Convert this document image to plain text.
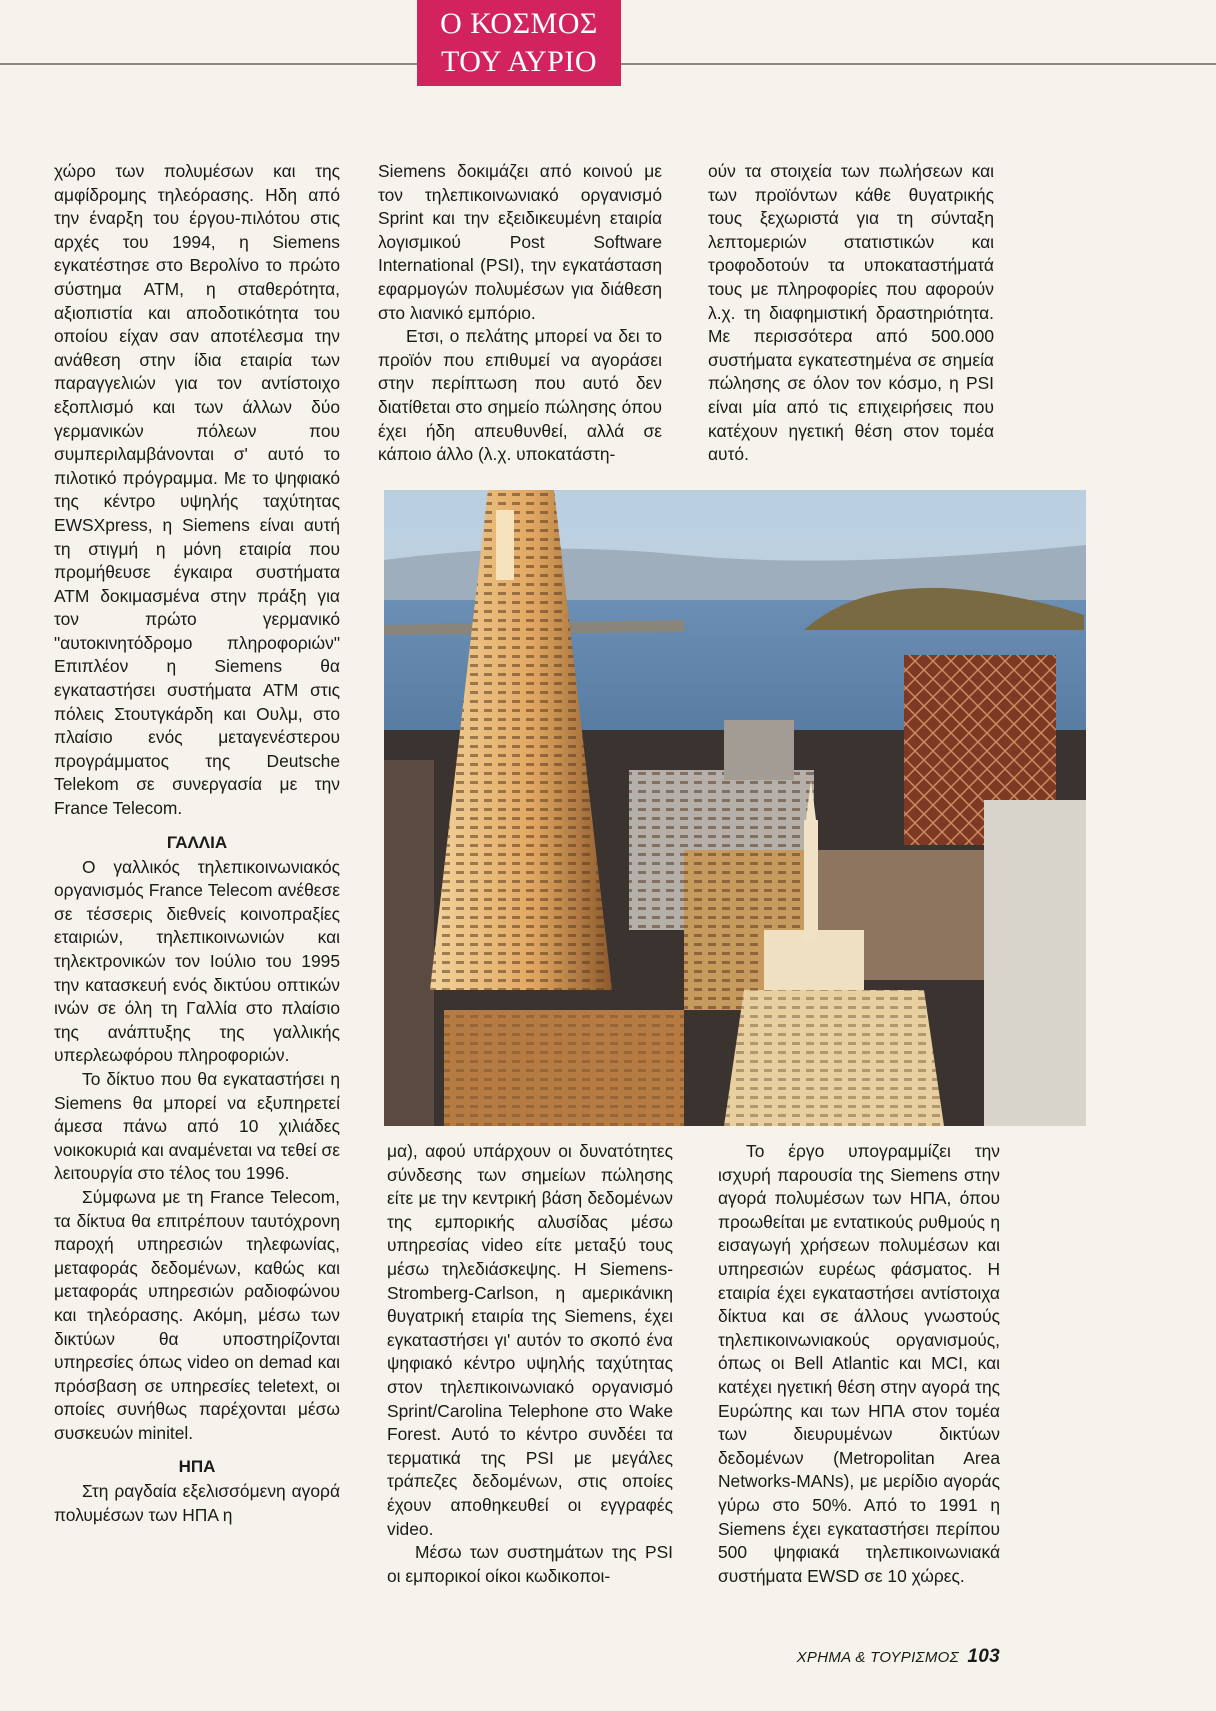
Ο ΚΟΣΜΟΣ
ΤΟΥ ΑΥΡΙΟ

χώρο των πολυμέσων και της αμφίδρομης τηλεόρασης. Ηδη από την έναρξη του έργου-πιλότου στις αρχές του 1994, η Siemens εγκατέστησε στο Βερολίνο το πρώτο σύστημα ATM, η σταθερότητα, αξιοπιστία και αποδοτικότητα του οποίου είχαν σαν αποτέλεσμα την ανάθεση στην ίδια εταιρία των παραγγελιών για τον αντίστοιχο εξοπλισμό και των άλλων δύο γερμανικών πόλεων που συμπεριλαμβάνονται σ' αυτό το πιλοτικό πρόγραμμα. Με το ψηφιακό της κέντρο υψηλής ταχύτητας EWSXpress, η Siemens είναι αυτή τη στιγμή η μόνη εταιρία που προμήθευσε έγκαιρα συστήματα ATM δοκιμασμένα στην πράξη για τον πρώτο γερμανικό "αυτοκινητόδρομο πληροφοριών" Επιπλέον η Siemens θα εγκαταστήσει συστήματα ATM στις πόλεις Στουτγκάρδη και Ουλμ, στο πλαίσιο ενός μεταγενέστερου προγράμματος της Deutsche Telekom σε συνεργασία με την France Telecom.

ΓΑΛΛΙΑ

Ο γαλλικός τηλεπικοινωνιακός οργανισμός France Telecom ανέθεσε σε τέσσερις διεθνείς κοινοπραξίες εταιριών, τηλεπικοινωνιών και τηλεκτρονικών τον Ιούλιο του 1995 την κατασκευή ενός δικτύου οπτικών ινών σε όλη τη Γαλλία στο πλαίσιο της ανάπτυξης της γαλλικής υπερλεωφόρου πληροφοριών.

Το δίκτυο που θα εγκαταστήσει η Siemens θα μπορεί να εξυπηρετεί άμεσα πάνω από 10 χιλιάδες νοικοκυριά και αναμένεται να τεθεί σε λειτουργία στο τέλος του 1996.

Σύμφωνα με τη France Telecom, τα δίκτυα θα επιτρέπουν ταυτόχρονη παροχή υπηρεσιών τηλεφωνίας, μεταφοράς δεδομένων, καθώς και μεταφοράς υπηρεσιών ραδιοφώνου και τηλεόρασης. Ακόμη, μέσω των δικτύων θα υποστηρίζονται υπηρεσίες όπως video on demad και πρόσβαση σε υπηρεσίες teletext, οι οποίες συνήθως παρέχονται μέσω συσκευών minitel.

ΗΠΑ

Στη ραγδαία εξελισσόμενη αγορά πολυμέσων των ΗΠΑ η

Siemens δοκιμάζει από κοινού με τον τηλεπικοινωνιακό οργανισμό Sprint και την εξειδικευμένη εταιρία λογισμικού Post Software International (PSI), την εγκατάσταση εφαρμογών πολυμέσων για διάθεση στο λιανικό εμπόριο.

Ετσι, ο πελάτης μπορεί να δει το προϊόν που επιθυμεί να αγοράσει στην περίπτωση που αυτό δεν διατίθεται στο σημείο πώλησης όπου έχει ήδη απευθυνθεί, αλλά σε κάποιο άλλο (λ.χ. υποκατάστη-

ούν τα στοιχεία των πωλήσεων και των προϊόντων κάθε θυγατρικής τους ξεχωριστά για τη σύνταξη λεπτομεριών στατιστικών και τροφοδοτούν τα υποκαταστήματά τους με πληροφορίες που αφορούν λ.χ. τη διαφημιστική δραστηριότητα. Με περισσότερα από 500.000 συστήματα εγκατεστημένα σε σημεία πώλησης σε όλον τον κόσμο, η PSI είναι μία από τις επιχειρήσεις που κατέχουν ηγετική θέση στον τομέα αυτό.

μα), αφού υπάρχουν οι δυνατότητες σύνδεσης των σημείων πώλησης είτε με την κεντρική βάση δεδομένων της εμπορικής αλυσίδας μέσω υπηρεσίας video είτε μεταξύ τους μέσω τηλεδιάσκεψης. Η Siemens-Stromberg-Carlson, η αμερικάνικη θυγατρική εταιρία της Siemens, έχει εγκαταστήσει γι' αυτόν το σκοπό ένα ψηφιακό κέντρο υψηλής ταχύτητας στον τηλεπικοινωνιακό οργανισμό Sprint/Carolina Telephone στο Wake Forest. Αυτό το κέντρο συνδέει τα τερματικά της PSI με μεγάλες τράπεζες δεδομένων, στις οποίες έχουν αποθηκευθεί οι εγγραφές video.

Μέσω των συστημάτων της PSI οι εμπορικοί οίκοι κωδικοποι-

Το έργο υπογραμμίζει την ισχυρή παρουσία της Siemens στην αγορά πολυμέσων των ΗΠΑ, όπου προωθείται με εντατικούς ρυθμούς η εισαγωγή χρήσεων πολυμέσων και υπηρεσιών ευρέως φάσματος. Η εταιρία έχει εγκαταστήσει αντίστοιχα δίκτυα και σε άλλους γνωστούς τηλεπικοινωνιακούς οργανισμούς, όπως οι Bell Atlantic και MCI, και κατέχει ηγετική θέση στην αγορά της Ευρώπης και των ΗΠΑ στον τομέα των διευρυμένων δικτύων δεδομένων (Metropolitan Area Networks-MANs), με μερίδιο αγοράς γύρω στο 50%. Από το 1991 η Siemens έχει εγκαταστήσει περίπου 500 ψηφιακά τηλεπικοινωνιακά συστήματα EWSD σε 10 χώρες.

ΧΡΗΜΑ & ΤΟΥΡΙΣΜΟΣ 103
